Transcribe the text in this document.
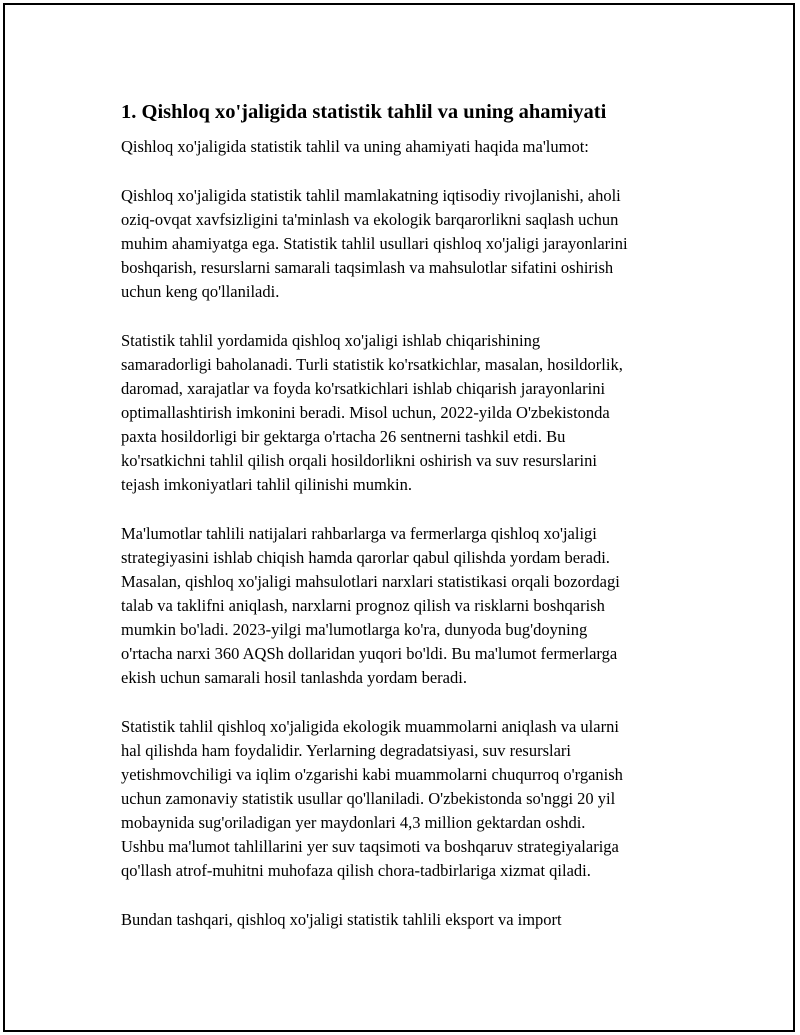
1. Qishloq xo'jaligida statistik tahlil va uning ahamiyati

Qishloq xo'jaligida statistik tahlil va uning ahamiyati haqida ma'lumot:

Qishloq xo'jaligida statistik tahlil mamlakatning iqtisodiy rivojlanishi, aholi
oziq-ovqat xavfsizligini ta'minlash va ekologik barqarorlikni saqlash uchun
muhim ahamiyatga ega. Statistik tahlil usullari qishloq xo'jaligi jarayonlarini
boshqarish, resurslarni samarali taqsimlash va mahsulotlar sifatini oshirish
uchun keng qo'llaniladi.

Statistik tahlil yordamida qishloq xo'jaligi ishlab chiqarishining
samaradorligi baholanadi. Turli statistik ko'rsatkichlar, masalan, hosildorlik,
daromad, xarajatlar va foyda ko'rsatkichlari ishlab chiqarish jarayonlarini
optimallashtirish imkonini beradi. Misol uchun, 2022-yilda O'zbekistonda
paxta hosildorligi bir gektarga o'rtacha 26 sentnerni tashkil etdi. Bu
ko'rsatkichni tahlil qilish orqali hosildorlikni oshirish va suv resurslarini
tejash imkoniyatlari tahlil qilinishi mumkin.

Ma'lumotlar tahlili natijalari rahbarlarga va fermerlarga qishloq xo'jaligi
strategiyasini ishlab chiqish hamda qarorlar qabul qilishda yordam beradi.
Masalan, qishloq xo'jaligi mahsulotlari narxlari statistikasi orqali bozordagi
talab va taklifni aniqlash, narxlarni prognoz qilish va risklarni boshqarish
mumkin bo'ladi. 2023-yilgi ma'lumotlarga ko'ra, dunyoda bug'doyning
o'rtacha narxi 360 AQSh dollaridan yuqori bo'ldi. Bu ma'lumot fermerlarga
ekish uchun samarali hosil tanlashda yordam beradi.

Statistik tahlil qishloq xo'jaligida ekologik muammolarni aniqlash va ularni
hal qilishda ham foydalidir. Yerlarning degradatsiyasi, suv resurslari
yetishmovchiligi va iqlim o'zgarishi kabi muammolarni chuqurroq o'rganish
uchun zamonaviy statistik usullar qo'llaniladi. O'zbekistonda so'nggi 20 yil
mobaynida sug'oriladigan yer maydonlari 4,3 million gektardan oshdi.
Ushbu ma'lumot tahlillarini yer suv taqsimoti va boshqaruv strategiyalariga
qo'llash atrof-muhitni muhofaza qilish chora-tadbirlariga xizmat qiladi.

Bundan tashqari, qishloq xo'jaligi statistik tahlili eksport va import
